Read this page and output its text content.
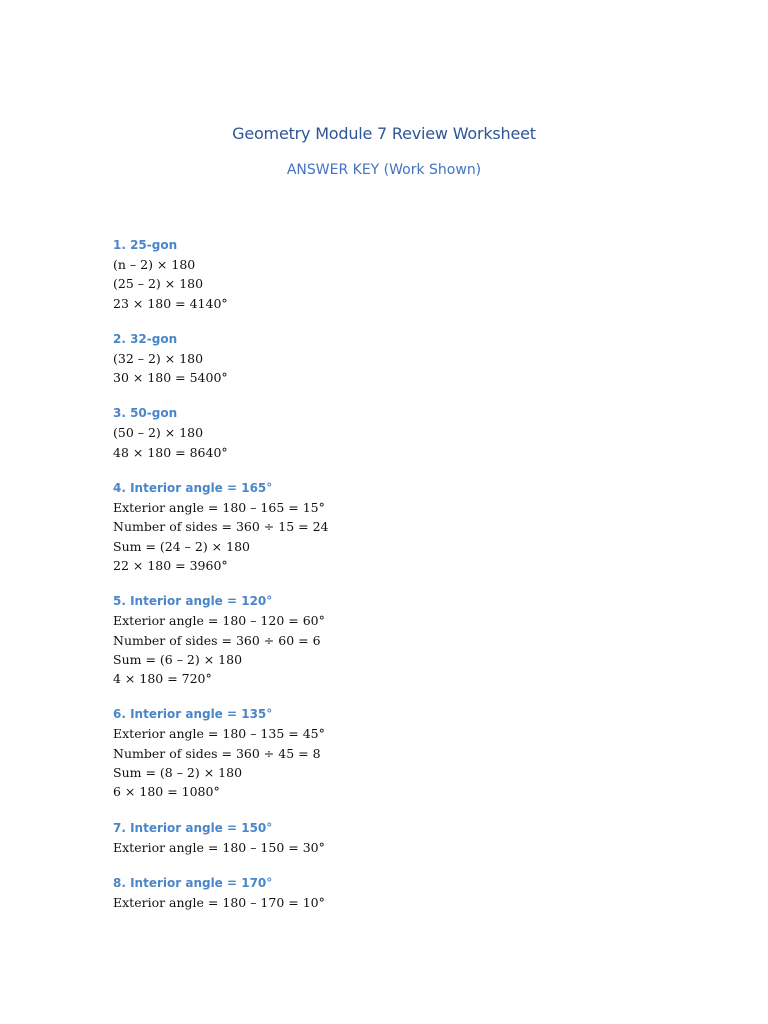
Geometry Module 7 Review Worksheet
ANSWER KEY (Work Shown)
1. 25-gon
(n – 2) × 180
(25 – 2) × 180
23 × 180 = 4140°
2. 32-gon
(32 – 2) × 180
30 × 180 = 5400°
3. 50-gon
(50 – 2) × 180
48 × 180 = 8640°
4. Interior angle = 165°
Exterior angle = 180 – 165 = 15°
Number of sides = 360 ÷ 15 = 24
Sum = (24 – 2) × 180
22 × 180 = 3960°
5. Interior angle = 120°
Exterior angle = 180 – 120 = 60°
Number of sides = 360 ÷ 60 = 6
Sum = (6 – 2) × 180
4 × 180 = 720°
6. Interior angle = 135°
Exterior angle = 180 – 135 = 45°
Number of sides = 360 ÷ 45 = 8
Sum = (8 – 2) × 180
6 × 180 = 1080°
7. Interior angle = 150°
Exterior angle = 180 – 150 = 30°
8. Interior angle = 170°
Exterior angle = 180 – 170 = 10°
